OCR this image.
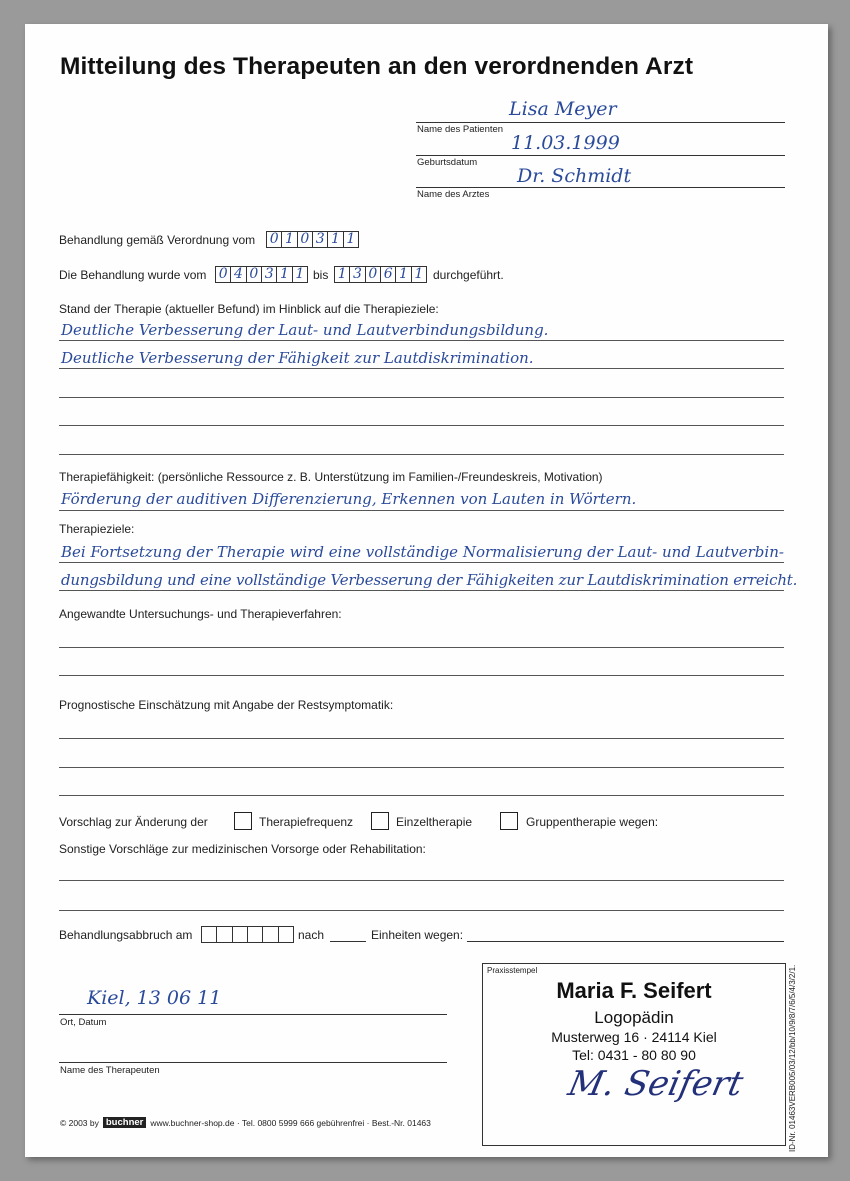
Mitteilung des Therapeuten an den verordnenden Arzt
Lisa Meyer
Name des Patienten
11.03.1999
Geburtsdatum
Dr. Schmidt
Name des Arztes
Behandlung gemäß Verordnung vom 0 1 0 3 1 1
Die Behandlung wurde vom 0 4 0 3 1 1 bis 1 3 0 6 1 1 durchgeführt.
Stand der Therapie (aktueller Befund) im Hinblick auf die Therapieziele:
Deutliche Verbesserung der Laut- und Lautverbindungsbildung.
Deutliche Verbesserung der Fähigkeit zur Lautdiskrimination.
Therapiefähigkeit: (persönliche Ressource z. B. Unterstützung im Familien-/Freundeskreis, Motivation)
Förderung der auditiven Differenzierung, Erkennen von Lauten in Wörtern.
Therapieziele:
Bei Fortsetzung der Therapie wird eine vollständige Normalisierung der Laut- und Lautverbin-
dungsbildung und eine vollständige Verbesserung der Fähigkeiten zur Lautdiskrimination erreicht.
Angewandte Untersuchungs- und Therapieverfahren:
Prognostische Einschätzung mit Angabe der Restsymptomatik:
Vorschlag zur Änderung der	Therapiefrequenz	Einzeltherapie	Gruppentherapie wegen:
Sonstige Vorschläge zur medizinischen Vorsorge oder Rehabilitation:
Behandlungsabbruch am	nach	Einheiten wegen:
Kiel, 13 06 11
Ort, Datum
Name des Therapeuten
Praxisstempel
Maria F. Seifert
Logopädin
Musterweg 16 · 24114 Kiel
Tel: 0431 - 80 80 90
M. Seifert	ID-Nr. 01463VERB005/03/12/bb/10/9/8/7/6/5/4/3/2/1.
© 2003 by buchner www.buchner-shop.de · Tel. 0800 5999 666 gebührenfrei · Best.-Nr. 01463
